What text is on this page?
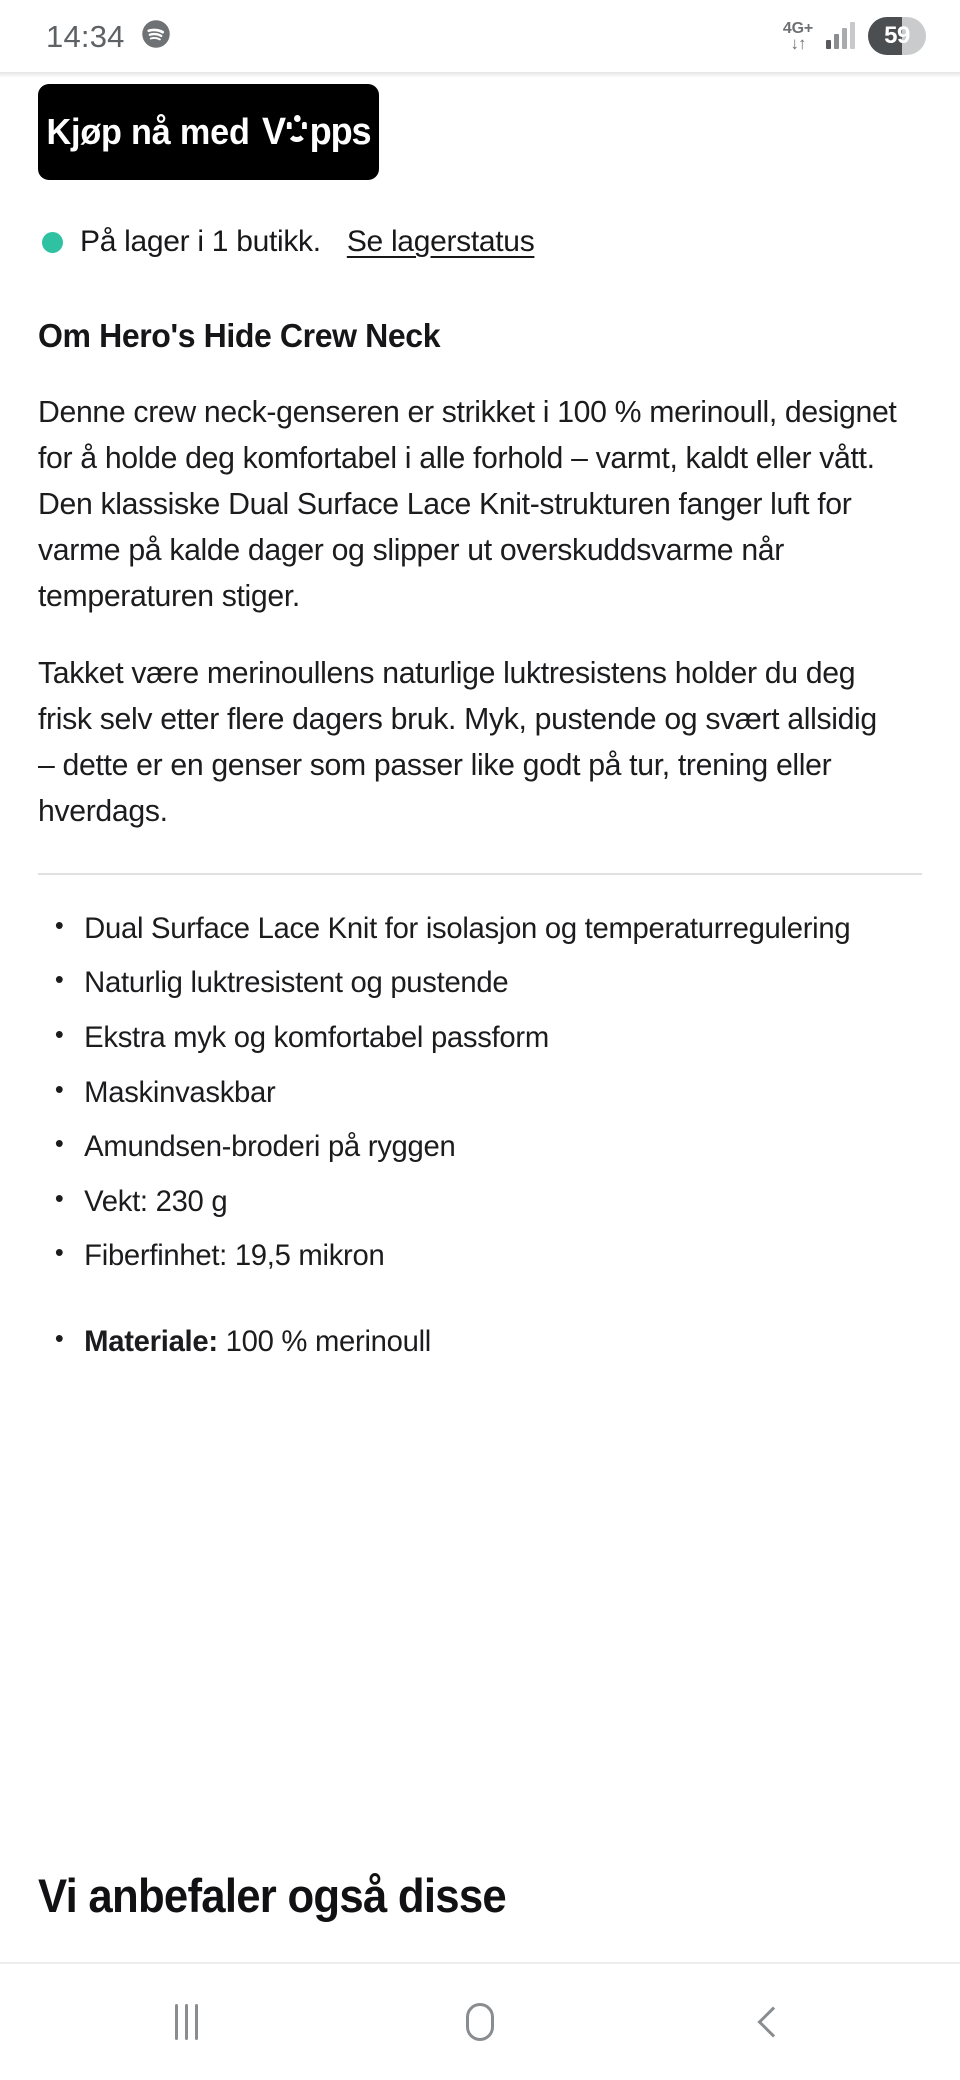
14:34	4G+
↓↑	59
Kjøp nå med V pps
På lager i 1 butikk. Se lagerstatus
Om Hero's Hide Crew Neck

Denne crew neck-genseren er strikket i 100 % merinoull, designet for å holde deg komfortabel i alle forhold – varmt, kaldt eller vått. Den klassiske Dual Surface Lace Knit-strukturen fanger luft for varme på kalde dager og slipper ut overskuddsvarme når temperaturen stiger.

Takket være merinoullens naturlige luktresistens holder du deg frisk selv etter flere dagers bruk. Myk, pustende og svært allsidig – dette er en genser som passer like godt på tur, trening eller hverdags.

• Dual Surface Lace Knit for isolasjon og temperaturregulering
• Naturlig luktresistent og pustende
• Ekstra myk og komfortabel passform
• Maskinvaskbar
• Amundsen-broderi på ryggen
• Vekt: 230 g
• Fiberfinhet: 19,5 mikron
• Materiale: 100 % merinoull
Vi anbefaler også disse
